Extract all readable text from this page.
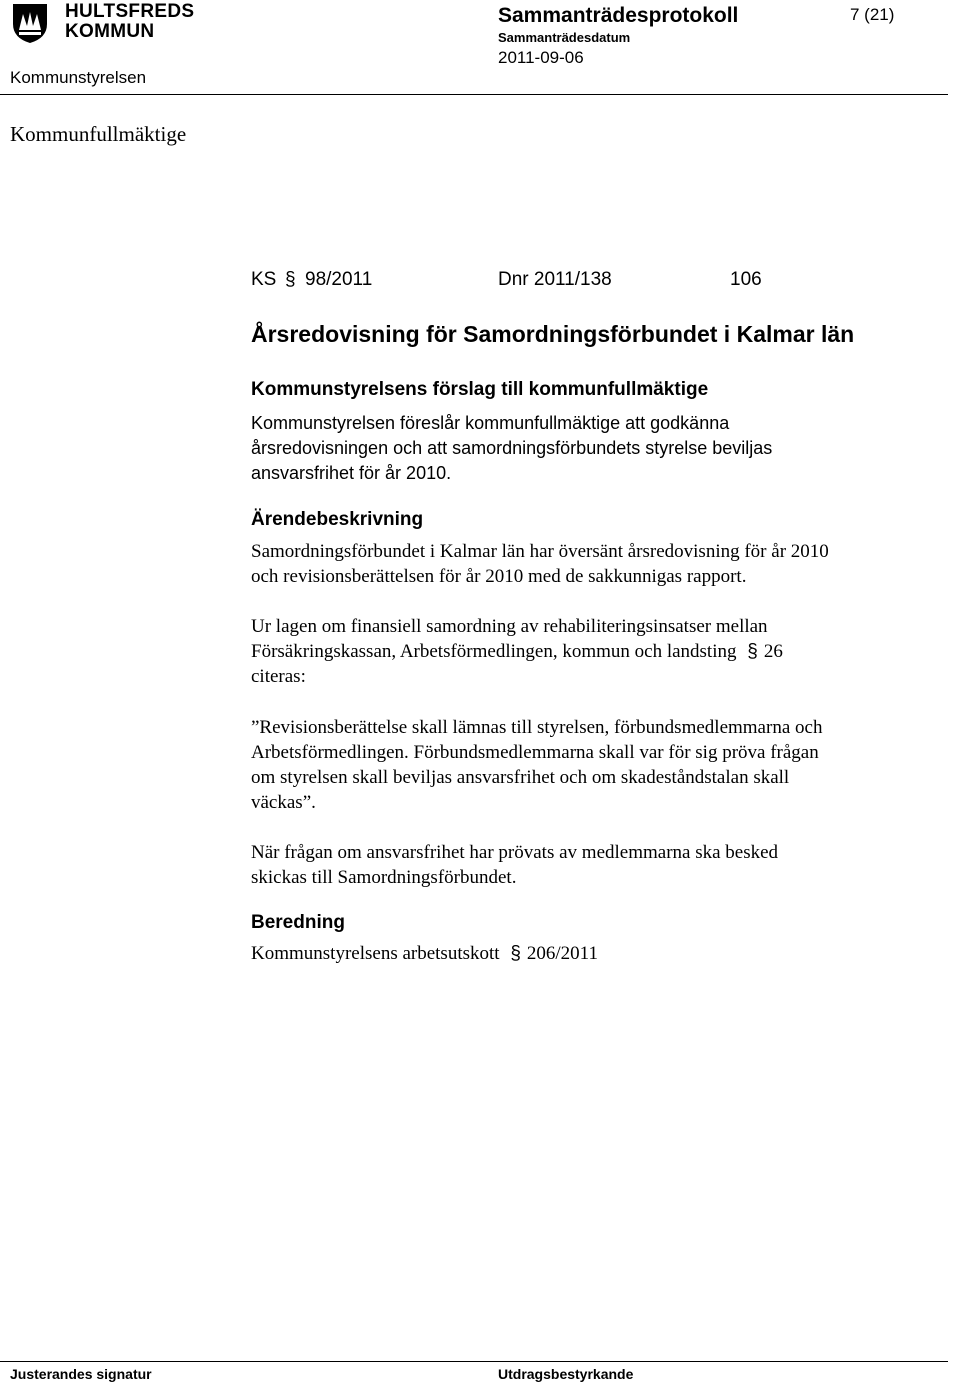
HULTSFREDS
KOMMUN
Sammanträdesprotokoll	7 (21)
Sammanträdesdatum
2011-09-06
Kommunstyrelsen
Kommunfullmäktige
KS § 98/2011	Dnr 2011/138	106
Årsredovisning för Samordningsförbundet i Kalmar län
Kommunstyrelsens förslag till kommunfullmäktige
Kommunstyrelsen föreslår kommunfullmäktige att godkänna
årsredovisningen och att samordningsförbundets styrelse beviljas
ansvarsfrihet för år 2010.
Ärendebeskrivning
Samordningsförbundet i Kalmar län har översänt årsredovisning för år 2010
och revisionsberättelsen för år 2010 med de sakkunnigas rapport.
Ur lagen om finansiell samordning av rehabiliteringsinsatser mellan
Försäkringskassan, Arbetsförmedlingen, kommun och landsting § 26
citeras:
”Revisionsberättelse skall lämnas till styrelsen, förbundsmedlemmarna och
Arbetsförmedlingen. Förbundsmedlemmarna skall var för sig pröva frågan
om styrelsen skall beviljas ansvarsfrihet och om skadeståndstalan skall
väckas”.
När frågan om ansvarsfrihet har prövats av medlemmarna ska besked
skickas till Samordningsförbundet.
Beredning
Kommunstyrelsens arbetsutskott § 206/2011
Justerandes signatur	Utdragsbestyrkande
